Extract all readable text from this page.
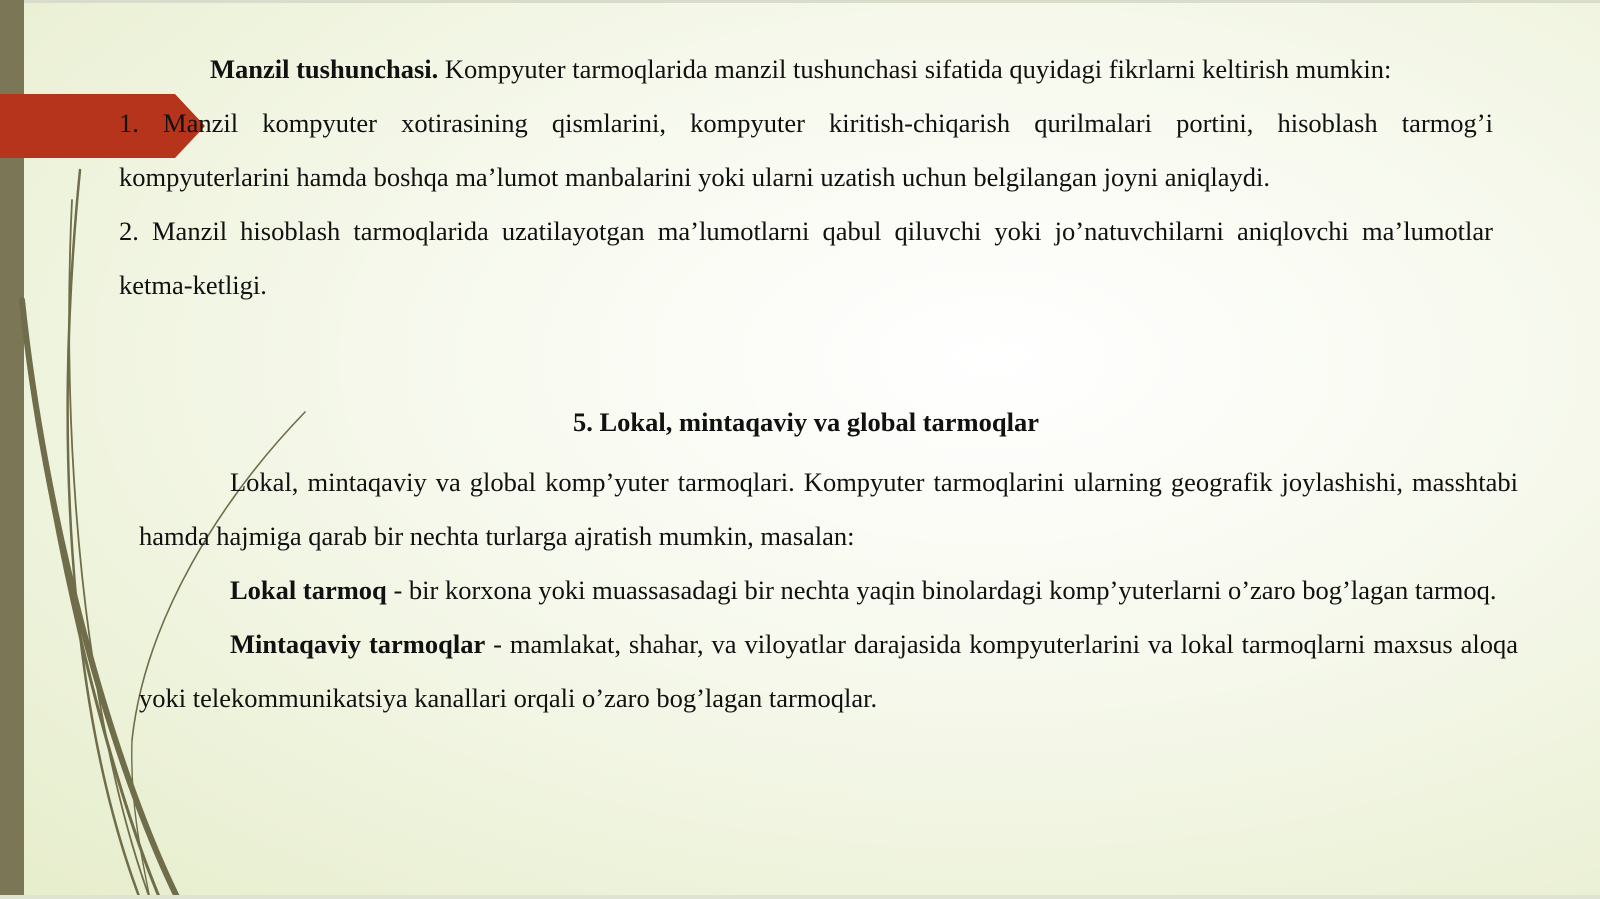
Manzil tushunchasi. Kompyuter tarmoqlarida manzil tushunchasi sifatida quyidagi fikrlarni keltirish mumkin:

1. Manzil kompyuter xotirasining qismlarini, kompyuter kiritish-chiqarish qurilmalari portini, hisoblash tarmog’i kompyuterlarini hamda boshqa ma’lumot manbalarini yoki ularni uzatish uchun belgilangan joyni aniqlaydi.

2. Manzil hisoblash tarmoqlarida uzatilayotgan ma’lumotlarni qabul qiluvchi yoki jo’natuvchilarni aniqlovchi ma’lumotlar ketma-ketligi.

5. Lokal, mintaqaviy va global tarmoqlar

Lokal, mintaqaviy va global komp’yuter tarmoqlari. Kompyuter tarmoqlarini ularning geografik joylashishi, masshtabi hamda hajmiga qarab bir nechta turlarga ajratish mumkin, masalan:

Lokal tarmoq - bir korxona yoki muassasadagi bir nechta yaqin binolardagi komp’yuterlarni o’zaro bog’lagan tarmoq.

Mintaqaviy tarmoqlar - mamlakat, shahar, va viloyatlar darajasida kompyuterlarini va lokal tarmoqlarni maxsus aloqa yoki telekommunikatsiya kanallari orqali o’zaro bog’lagan tarmoqlar.
